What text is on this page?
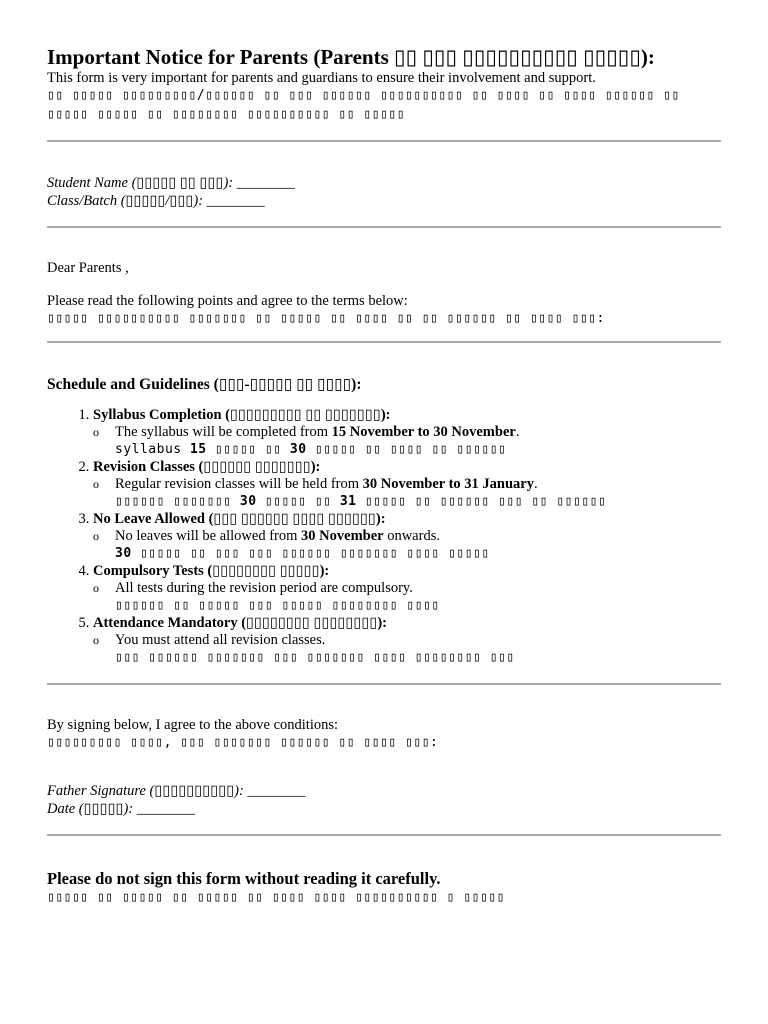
Important Notice for Parents (Parents ▯▯ ▯▯▯ ▯▯▯▯▯▯▯▯▯▯ ▯▯▯▯▯):
This form is very important for parents and guardians to ensure their involvement and support.
▯▯ ▯▯▯▯▯ ▯▯▯▯▯▯▯▯▯/▯▯▯▯▯▯ ▯▯ ▯▯▯ ▯▯▯▯▯▯ ▯▯▯▯▯▯▯▯▯▯ ▯▯ ▯▯▯▯ ▯▯ ▯▯▯▯ ▯▯▯▯▯▯ ▯▯
▯▯▯▯▯ ▯▯▯▯▯ ▯▯ ▯▯▯▯▯▯▯▯ ▯▯▯▯▯▯▯▯▯▯ ▯▯ ▯▯▯▯▯
Student Name (▯▯▯▯▯ ▯▯ ▯▯▯): ________
Class/Batch (▯▯▯▯▯/▯▯▯): ________
Dear Parents ,
Please read the following points and agree to the terms below:
▯▯▯▯▯ ▯▯▯▯▯▯▯▯▯▯ ▯▯▯▯▯▯▯ ▯▯ ▯▯▯▯▯ ▯▯ ▯▯▯▯ ▯▯ ▯▯ ▯▯▯▯▯▯ ▯▯ ▯▯▯▯ ▯▯▯:
Schedule and Guidelines (▯▯▯-▯▯▯▯▯ ▯▯ ▯▯▯▯):
1. Syllabus Completion (▯▯▯▯▯▯▯▯▯ ▯▯ ▯▯▯▯▯▯▯):
o The syllabus will be completed from 15 November to 30 November.
syllabus 15 ▯▯▯▯▯ ▯▯ 30 ▯▯▯▯▯ ▯▯ ▯▯▯▯ ▯▯ ▯▯▯▯▯▯
2. Revision Classes (▯▯▯▯▯▯ ▯▯▯▯▯▯▯):
o Regular revision classes will be held from 30 November to 31 January.
▯▯▯▯▯▯ ▯▯▯▯▯▯▯ 30 ▯▯▯▯▯ ▯▯ 31 ▯▯▯▯▯ ▯▯ ▯▯▯▯▯▯ ▯▯▯ ▯▯ ▯▯▯▯▯▯
3. No Leave Allowed (▯▯▯ ▯▯▯▯▯▯ ▯▯▯▯ ▯▯▯▯▯▯):
o No leaves will be allowed from 30 November onwards.
30 ▯▯▯▯▯ ▯▯ ▯▯▯ ▯▯▯ ▯▯▯▯▯▯ ▯▯▯▯▯▯▯ ▯▯▯▯ ▯▯▯▯▯
4. Compulsory Tests (▯▯▯▯▯▯▯▯ ▯▯▯▯▯):
o All tests during the revision period are compulsory.
▯▯▯▯▯▯ ▯▯ ▯▯▯▯▯ ▯▯▯ ▯▯▯▯▯ ▯▯▯▯▯▯▯▯ ▯▯▯▯
5. Attendance Mandatory (▯▯▯▯▯▯▯▯ ▯▯▯▯▯▯▯▯):
o You must attend all revision classes.
▯▯▯ ▯▯▯▯▯▯ ▯▯▯▯▯▯▯ ▯▯▯ ▯▯▯▯▯▯▯ ▯▯▯▯ ▯▯▯▯▯▯▯▯ ▯▯▯
By signing below, I agree to the above conditions:
▯▯▯▯▯▯▯▯▯ ▯▯▯▯, ▯▯▯ ▯▯▯▯▯▯▯ ▯▯▯▯▯▯ ▯▯ ▯▯▯▯ ▯▯▯:
Father Signature (▯▯▯▯▯▯▯▯▯▯): ________
Date (▯▯▯▯▯): ________
Please do not sign this form without reading it carefully.
▯▯▯▯▯ ▯▯ ▯▯▯▯▯ ▯▯ ▯▯▯▯▯ ▯▯ ▯▯▯▯ ▯▯▯▯ ▯▯▯▯▯▯▯▯▯▯ ▯ ▯▯▯▯▯
